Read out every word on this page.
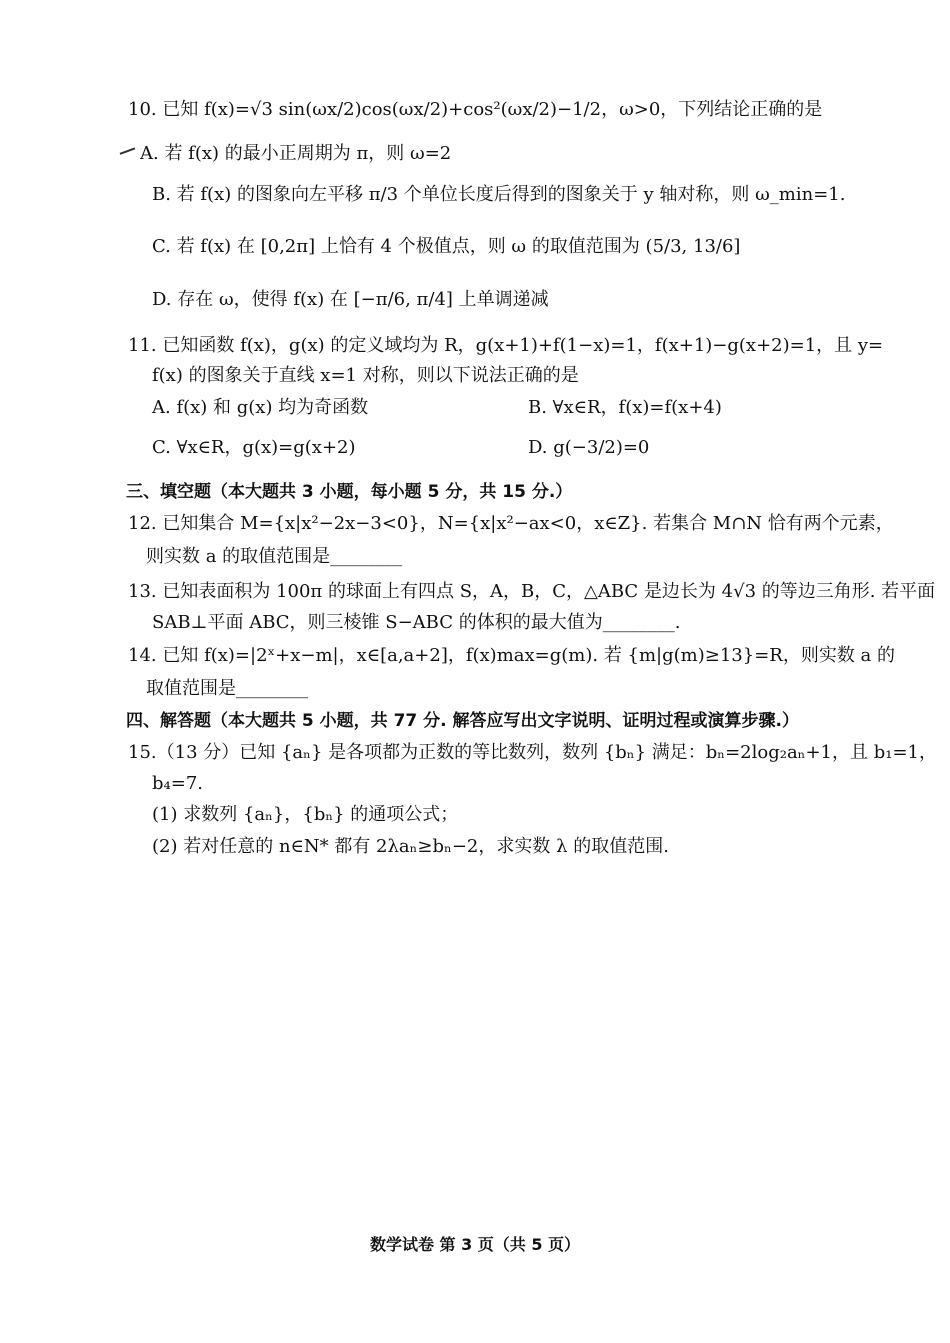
10. 已知 f(x)=√3 sin(ωx/2)cos(ωx/2)+cos²(ωx/2)−1/2，ω>0，下列结论正确的是
A. 若 f(x) 的最小正周期为 π，则 ω=2
B. 若 f(x) 的图象向左平移 π/3 个单位长度后得到的图象关于 y 轴对称，则 ω_min=1.
C. 若 f(x) 在 [0,2π] 上恰有 4 个极值点，则 ω 的取值范围为 (5/3, 13/6]
D. 存在 ω，使得 f(x) 在 [−π/6, π/4] 上单调递减
11. 已知函数 f(x)，g(x) 的定义域均为 R，g(x+1)+f(1−x)=1，f(x+1)−g(x+2)=1，且 y=
f(x) 的图象关于直线 x=1 对称，则以下说法正确的是
A. f(x) 和 g(x) 均为奇函数	B. ∀x∈R，f(x)=f(x+4)
C. ∀x∈R，g(x)=g(x+2)	D. g(−3/2)=0
三、填空题（本大题共 3 小题，每小题 5 分，共 15 分.）
12. 已知集合 M={x|x²−2x−3<0}，N={x|x²−ax<0，x∈Z}. 若集合 M∩N 恰有两个元素，
则实数 a 的取值范围是________
13. 已知表面积为 100π 的球面上有四点 S，A，B，C，△ABC 是边长为 4√3 的等边三角形. 若平面
SAB⊥平面 ABC，则三棱锥 S−ABC 的体积的最大值为________.
14. 已知 f(x)=|2ˣ+x−m|，x∈[a,a+2]，f(x)max=g(m). 若 {m|g(m)≥13}=R，则实数 a 的
取值范围是________
四、解答题（本大题共 5 小题，共 77 分. 解答应写出文字说明、证明过程或演算步骤.）
15.（13 分）已知 {aₙ} 是各项都为正数的等比数列，数列 {bₙ} 满足：bₙ=2log₂aₙ+1，且 b₁=1，
b₄=7.
(1) 求数列 {aₙ}，{bₙ} 的通项公式；
(2) 若对任意的 n∈N* 都有 2λaₙ≥bₙ−2，求实数 λ 的取值范围.
数学试卷 第 3 页（共 5 页）
